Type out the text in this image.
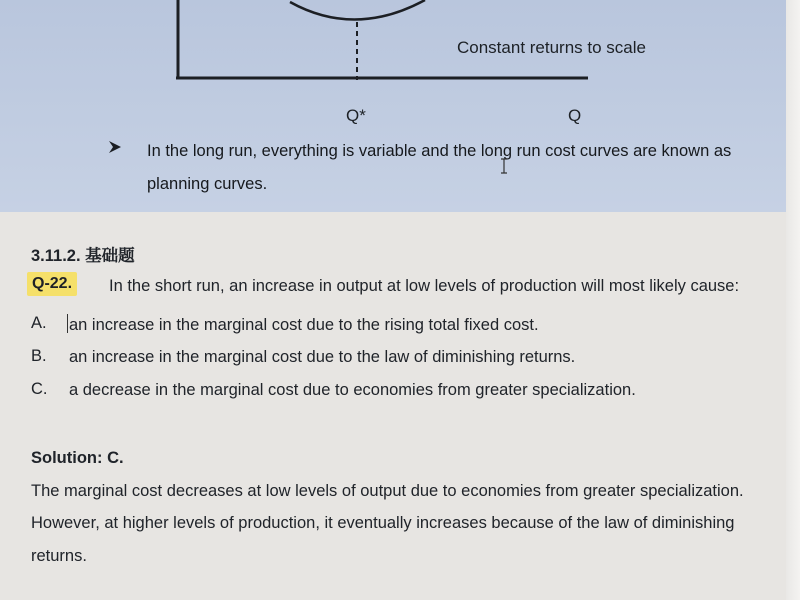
Constant returns to scale
Q*	Q
In the long run, everything is variable and the long run cost curves are known as
planning curves.
3.11.2. 基础题
Q-22.	In the short run, an increase in output at low levels of production will most likely cause:
A. an increase in the marginal cost due to the rising total fixed cost.
B. an increase in the marginal cost due to the law of diminishing returns.
C. a decrease in the marginal cost due to economies from greater specialization.
Solution: C.
The marginal cost decreases at low levels of output due to economies from greater specialization.
However, at higher levels of production, it eventually increases because of the law of diminishing
returns.
